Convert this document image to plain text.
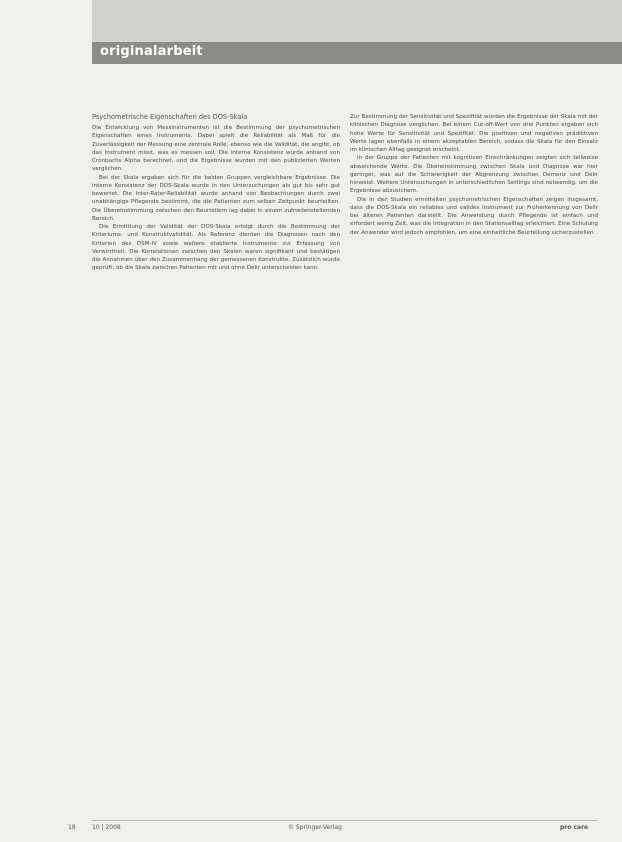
originalarbeit
Psychometrische Eigenschaften des DOS-Skala

Die Entwicklung von Messinstrumenten ist die Bestimmung der psychometrischen Eigenschaften eines Instruments. Dabei spielt die Reliabilität als Maß für die Zuverlässigkeit der Messung eine zentrale Rolle, ebenso wie die Validität, die angibt, ob das Instrument misst, was es messen soll. Die interne Konsistenz wurde anhand von Cronbachs Alpha berechnet, und die Ergebnisse wurden mit den publizierten Werten verglichen.

Bei der Skala ergaben sich für die beiden Gruppen vergleichbare Ergebnisse. Die interne Konsistenz der DOS-Skala wurde in den Untersuchungen als gut bis sehr gut bewertet. Die Inter-Rater-Reliabilität wurde anhand von Beobachtungen durch zwei unabhängige Pflegende bestimmt, die die Patienten zum selben Zeitpunkt beurteilten. Die Übereinstimmung zwischen den Beurteilern lag dabei in einem zufriedenstellenden Bereich.

Die Ermittlung der Validität der DOS-Skala erfolgt durch die Bestimmung der Kriteriums- und Konstruktvalidität. Als Referenz dienten die Diagnosen nach den Kriterien des DSM-IV sowie weitere etablierte Instrumente zur Erfassung von Verwirrtheit. Die Korrelationen zwischen den Skalen waren signifikant und bestätigen die Annahmen über den Zusammenhang der gemessenen Konstrukte. Zusätzlich wurde geprüft, ob die Skala zwischen Patienten mit und ohne Delir unterscheiden kann.

Zur Bestimmung der Sensitivität und Spezifität wurden die Ergebnisse der Skala mit der klinischen Diagnose verglichen. Bei einem Cut-off-Wert von drei Punkten ergaben sich hohe Werte für Sensitivität und Spezifität. Die positiven und negativen prädiktiven Werte lagen ebenfalls in einem akzeptablen Bereich, sodass die Skala für den Einsatz im klinischen Alltag geeignet erscheint.

In der Gruppe der Patienten mit kognitiven Einschränkungen zeigten sich teilweise abweichende Werte. Die Übereinstimmung zwischen Skala und Diagnose war hier geringer, was auf die Schwierigkeit der Abgrenzung zwischen Demenz und Delir hinweist. Weitere Untersuchungen in unterschiedlichen Settings sind notwendig, um die Ergebnisse abzusichern.

Die in den Studien ermittelten psychometrischen Eigenschaften zeigen insgesamt, dass die DOS-Skala ein reliables und valides Instrument zur Früherkennung von Delir bei älteren Patienten darstellt. Die Anwendung durch Pflegende ist einfach und erfordert wenig Zeit, was die Integration in den Stationsalltag erleichtert. Eine Schulung der Anwender wird jedoch empfohlen, um eine einheitliche Beurteilung sicherzustellen.

18	10 | 2008	© Springer-Verlag	pro care
